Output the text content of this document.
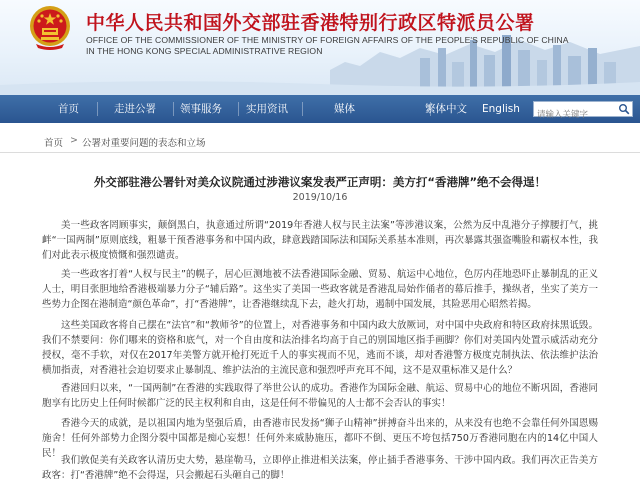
中华人民共和国外交部驻香港特别行政区特派员公署
OFFICE OF THE COMMISSIONER OF THE MINISTRY OF FOREIGN AFFAIRS OF THE PEOPLE'S REPUBLIC OF CHINA
IN THE HONG KONG SPECIAL ADMINISTRATIVE REGION
首页	走进公署 领事服务 实用资讯	媒体	繁体中文 English
请输入关键字
首页 > 公署对重要问题的表态和立场
外交部驻港公署针对美众议院通过涉港议案发表严正声明：美方打“香港牌”绝不会得逞！
2019/10/16

美一些政客罔顾事实，颠倒黑白，执意通过所谓“2019年香港人权与民主法案”等涉港议案，公然为反中乱港分子撑腰打气，挑衅“一国两制”原则底线，粗暴干预香港事务和中国内政，肆意践踏国际法和国际关系基本准则，再次暴露其强盗嘴脸和霸权本性，我们对此表示极度愤慨和强烈谴责。

美一些政客打着“人权与民主”的幌子，居心叵测地被不法香港国际金融、贸易、航运中心地位，色厉内荏地恐吓止暴制乱的正义人士，明目张胆地给香港极端暴力分子“辅后路”。这坐实了美国一些政客就是香港乱局始作俑者的幕后推手，操纵者，坐实了美方一些势力企图在港制造“颜色革命”，打“香港牌”，让香港继续乱下去，趁火打劫，遏制中国发展，其险恶用心昭然若揭。

这些美国政客将自己摆在“法官”和“教师爷”的位置上，对香港事务和中国内政大放厥词，对中国中央政府和特区政府抹黑诋毁。我们不禁要问：你们哪来的资格和底气，对一个自由度和法治排名均高于自己的别国地区指手画脚？你们对美国内处置示威活动充分授权，毫不手软，对仅在2017年美警方就开枪打死近千人的事实视而不见，逃而不谈，却对香港警方极度克制执法、依法维护法治横加指责，对香港社会迫切要求止暴制乱、维护法治的主流民意和强烈呼声充耳不闻，这不是双重标准又是什么？

香港回归以来，“一国两制”在香港的实践取得了举世公认的成功。香港作为国际金融、航运、贸易中心的地位不断巩固，香港同胞享有比历史上任何时候都广泛的民主权利和自由，这是任何不带偏见的人士都不会否认的事实！

香港今天的成就，是以祖国内地为坚强后盾，由香港市民发扬“狮子山精神”拼搏奋斗出来的，从来没有也绝不会靠任何外国恩赐施舍！任何外部势力企图分裂中国都是痴心妄想！任何外来威胁施压，都吓不倒、更压不垮包括750万香港同胞在内的14亿中国人民！

我们敦促美有关政客认清历史大势，悬崖勒马，立即停止推进相关法案，停止插手香港事务、干涉中国内政。我们再次正告美方政客：打“香港牌”绝不会得逞，只会搬起石头砸自己的脚！
